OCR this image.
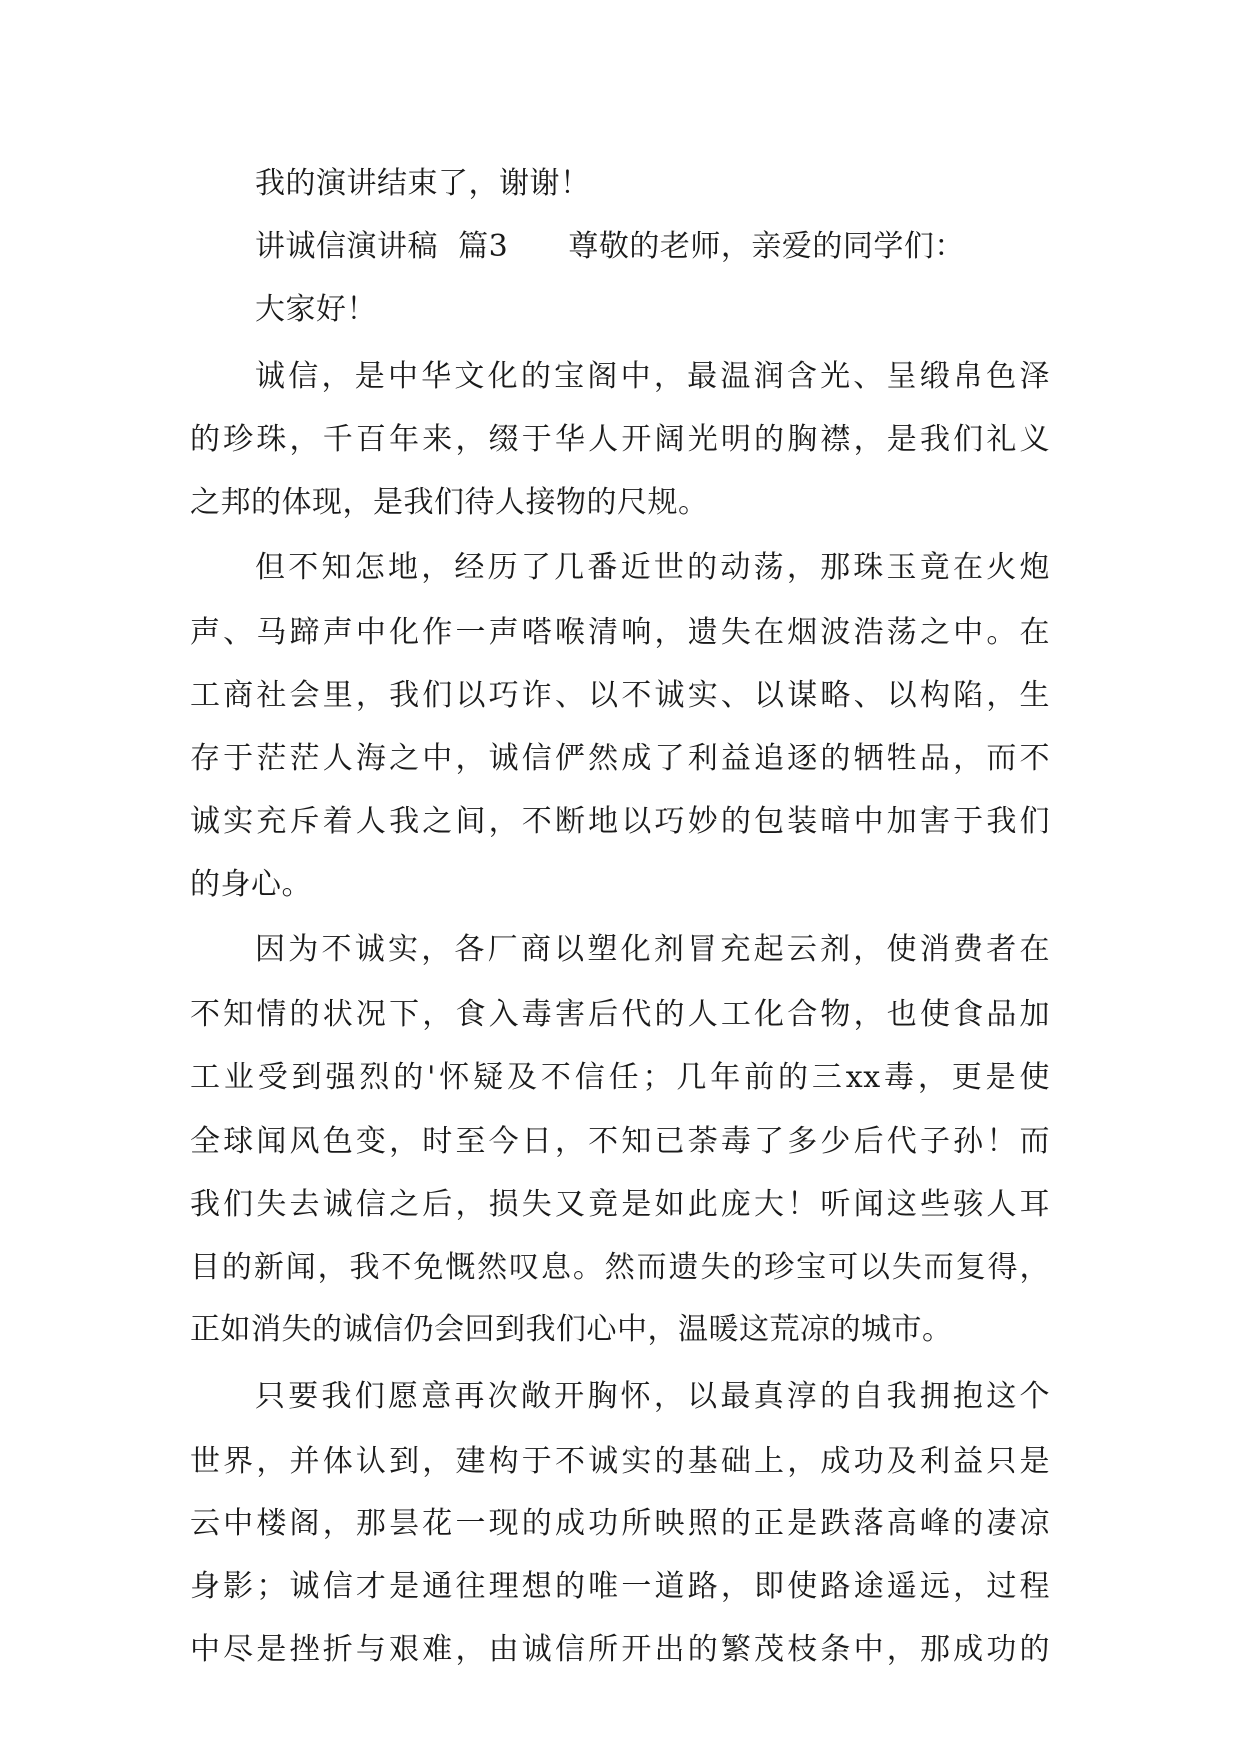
我的演讲结束了，谢谢！
讲诚信演讲稿  篇3      尊敬的老师，亲爱的同学们：
大家好！
诚信，是中华文化的宝阁中，最温润含光、呈缎帛色泽
的珍珠，千百年来，缀于华人开阔光明的胸襟，是我们礼义
之邦的体现，是我们待人接物的尺规。
但不知怎地，经历了几番近世的动荡，那珠玉竟在火炮
声、马蹄声中化作一声嗒喉清响，遗失在烟波浩荡之中。在
工商社会里，我们以巧诈、以不诚实、以谋略、以构陷，生
存于茫茫人海之中，诚信俨然成了利益追逐的牺牲品，而不
诚实充斥着人我之间，不断地以巧妙的包装暗中加害于我们
的身心。
因为不诚实，各厂商以塑化剂冒充起云剂，使消费者在
不知情的状况下，食入毒害后代的人工化合物，也使食品加
工业受到强烈的'怀疑及不信任；几年前的三xx毒，更是使
全球闻风色变，时至今日，不知已荼毒了多少后代子孙！而
我们失去诚信之后，损失又竟是如此庞大！听闻这些骇人耳
目的新闻，我不免慨然叹息。然而遗失的珍宝可以失而复得，
正如消失的诚信仍会回到我们心中，温暖这荒凉的城市。
只要我们愿意再次敞开胸怀，以最真淳的自我拥抱这个
世界，并体认到，建构于不诚实的基础上，成功及利益只是
云中楼阁，那昙花一现的成功所映照的正是跌落高峰的凄凉
身影；诚信才是通往理想的唯一道路，即使路途遥远，过程
中尽是挫折与艰难，由诚信所开出的繁茂枝条中，那成功的
